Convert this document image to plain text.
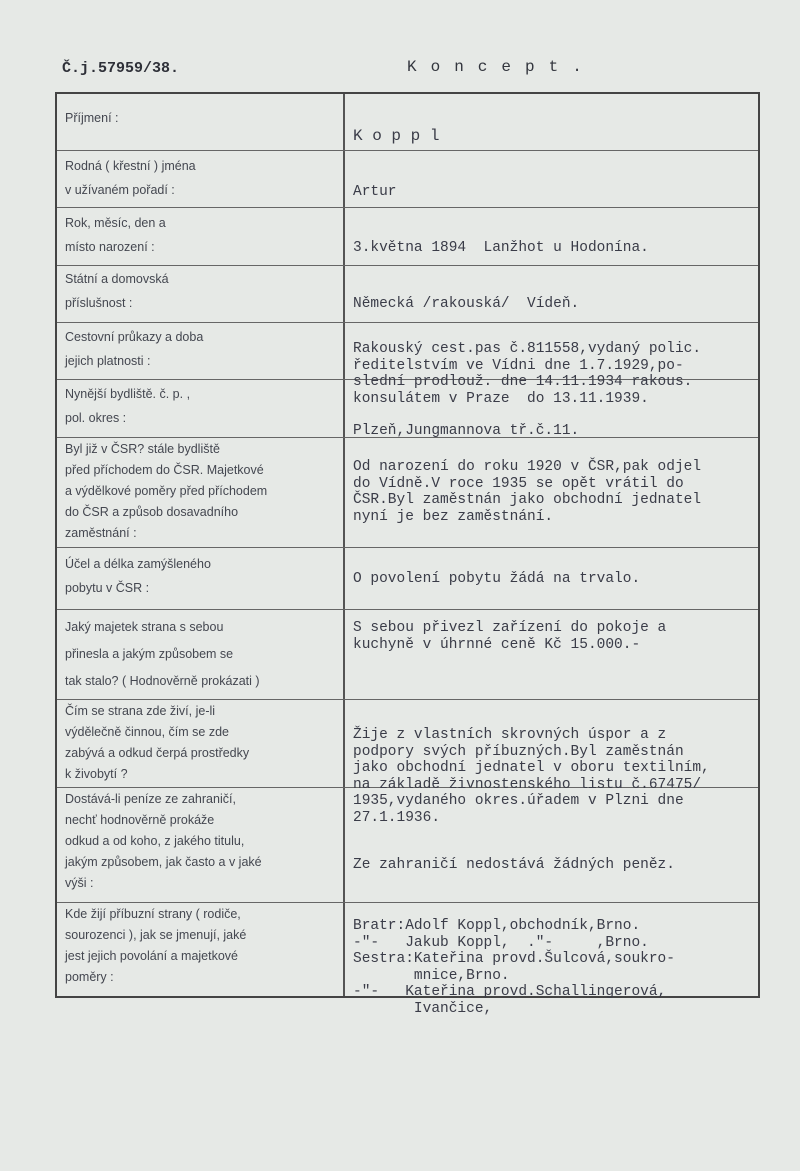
Č.j.57959/38.	Koncept.
Příjmení :
K o p p l
Rodná ( křestní ) jména
v užívaném pořadí :	Artur
Rok, měsíc, den a
místo narození :	3.května 1894  Lanžhot u Hodonína.
Státní a domovská
příslušnost :	Německá /rakouská/  Vídeň.
Cestovní průkazy a doba
jejich platnosti :
Rakouský cest.pas č.811558,vydaný polic.
ředitelstvím ve Vídni dne 1.7.1929,po-
slední prodlouž. dne 14.11.1934 rakous.
konsulátem v Praze  do 13.11.1939.
Nynější bydliště. č. p. ,
pol. okres :
Plzeň,Jungmannova tř.č.11.
Byl již v ČSR? stále bydliště
před příchodem do ČSR. Majetkové
a výdělkové poměry před příchodem
do ČSR a způsob dosavadního
zaměstnání :
Od narození do roku 1920 v ČSR,pak odjel
do Vídně.V roce 1935 se opět vrátil do
ČSR.Byl zaměstnán jako obchodní jednatel
nyní je bez zaměstnání.
Účel a délka zamýšleného
pobytu v ČSR :
O povolení pobytu žádá na trvalo.
Jaký majetek strana s sebou
přinesla a jakým způsobem se
tak stalo? ( Hodnověrně prokázati )
S sebou přivezl zařízení do pokoje a
kuchyně v úhrnné ceně Kč 15.000.-
Čím se strana zde živí, je-li
výdělečně činnou, čím se zde
zabývá a odkud čerpá prostředky
k živobytí ?
Žije z vlastních skrovných úspor a z
podpory svých příbuzných.Byl zaměstnán
jako obchodní jednatel v oboru textilním,
na základě živnostenského listu č.67475/
1935,vydaného okres.úřadem v Plzni dne
27.1.1936.
Dostává-li peníze ze zahraničí,
nechť hodnověrně prokáže
odkud a od koho, z jakého titulu,
jakým způsobem, jak často a v jaké
výši :
Ze zahraničí nedostává žádných peněz.
Kde žijí příbuzní strany ( rodiče,
sourozenci ), jak se jmenují, jaké
jest jejich povolání a majetkové
poměry :
Bratr:Adolf Koppl,obchodník,Brno.
-"-   Jakub Koppl,  ."-     ,Brno.
Sestra:Kateřina provd.Šulcová,soukro-
mnice,Brno.
-"-   Kateřina provd.Schallingerová,
Ivančice,
